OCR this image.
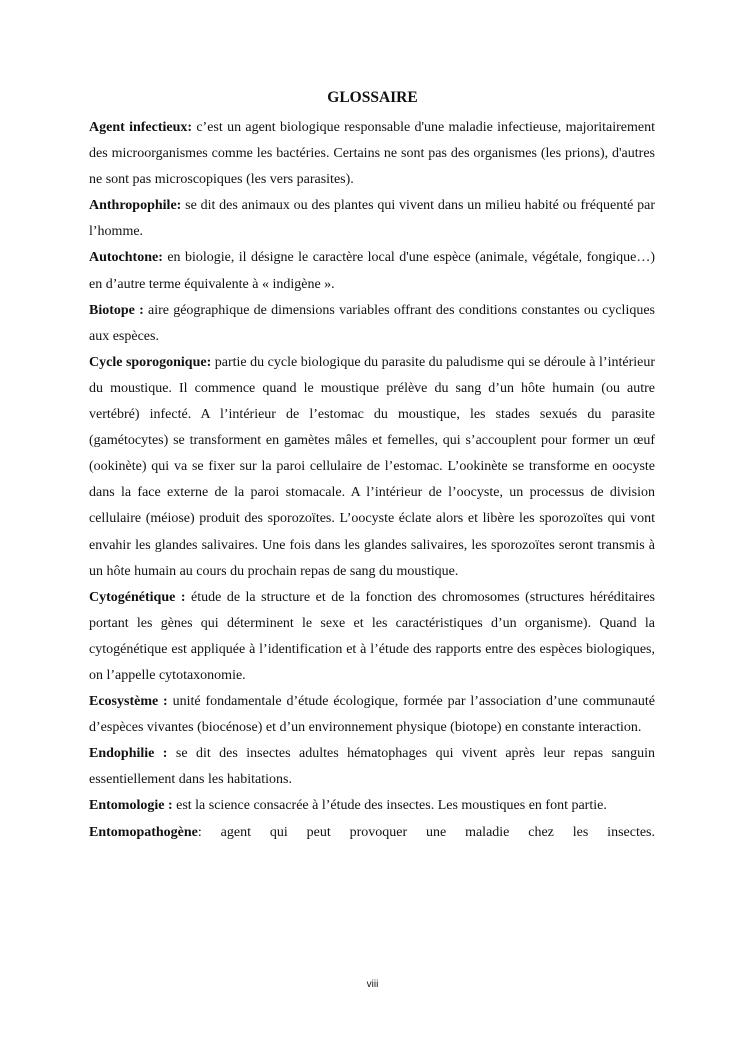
GLOSSAIRE

Agent infectieux: c’est un agent biologique responsable d'une maladie infectieuse, majoritairement des microorganismes comme les bactéries. Certains ne sont pas des organismes (les prions), d'autres ne sont pas microscopiques (les vers parasites).

Anthropophile: se dit des animaux ou des plantes qui vivent dans un milieu habité ou fréquenté par l’homme.

Autochtone: en biologie, il désigne le caractère local d'une espèce (animale, végétale, fongique…) en d’autre terme équivalente à « indigène ».

Biotope : aire géographique de dimensions variables offrant des conditions constantes ou cycliques aux espèces.

Cycle sporogonique: partie du cycle biologique du parasite du paludisme qui se déroule à l’intérieur du moustique. Il commence quand le moustique prélève du sang d’un hôte humain (ou autre vertébré) infecté. A l’intérieur de l’estomac du moustique, les stades sexués du parasite (gamétocytes) se transforment en gamètes mâles et femelles, qui s’accouplent pour former un œuf (ookinète) qui va se fixer sur la paroi cellulaire de l’estomac. L’ookinète se transforme en oocyste dans la face externe de la paroi stomacale. A l’intérieur de l’oocyste, un processus de division cellulaire (méiose) produit des sporozoïtes. L’oocyste éclate alors et libère les sporozoïtes qui vont envahir les glandes salivaires. Une fois dans les glandes salivaires, les sporozoïtes seront transmis à un hôte humain au cours du prochain repas de sang du moustique.

Cytogénétique : étude de la structure et de la fonction des chromosomes (structures héréditaires portant les gènes qui déterminent le sexe et les caractéristiques d’un organisme). Quand la cytogénétique est appliquée à l’identification et à l’étude des rapports entre des espèces biologiques, on l’appelle cytotaxonomie.

Ecosystème : unité fondamentale d’étude écologique, formée par l’association d’une communauté d’espèces vivantes (biocénose) et d’un environnement physique (biotope) en constante interaction.

Endophilie : se dit des insectes adultes hématophages qui vivent après leur repas sanguin essentiellement dans les habitations.

Entomologie : est la science consacrée à l’étude des insectes. Les moustiques en font partie.

Entomopathogène: agent qui peut provoquer une maladie chez les insectes.

viii
